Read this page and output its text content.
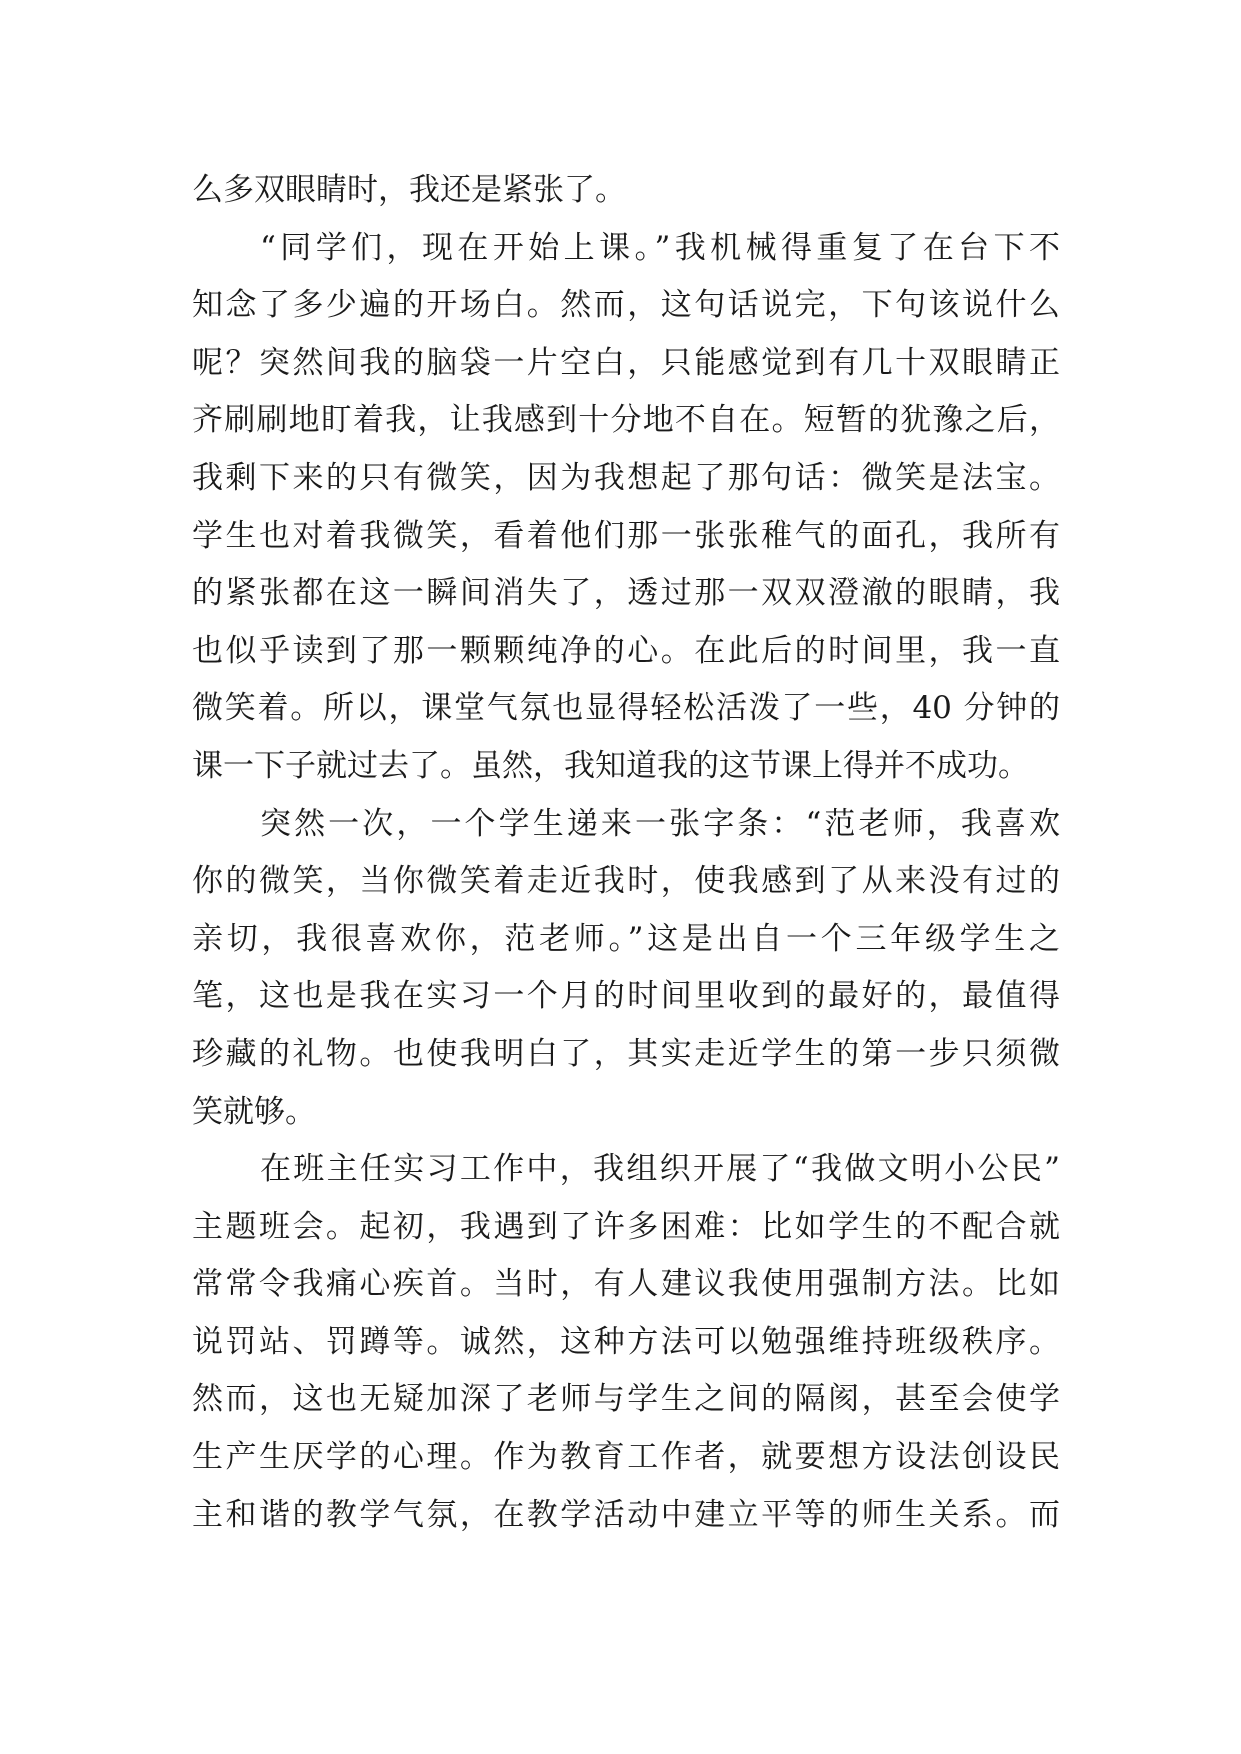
么多双眼睛时，我还是紧张了。
“同学们，现在开始上课。”我机械得重复了在台下不
知念了多少遍的开场白。然而，这句话说完，下句该说什么
呢？突然间我的脑袋一片空白，只能感觉到有几十双眼睛正
齐刷刷地盯着我，让我感到十分地不自在。短暂的犹豫之后，
我剩下来的只有微笑，因为我想起了那句话：微笑是法宝。
学生也对着我微笑，看着他们那一张张稚气的面孔，我所有
的紧张都在这一瞬间消失了，透过那一双双澄澈的眼睛，我
也似乎读到了那一颗颗纯净的心。在此后的时间里，我一直
微笑着。所以，课堂气氛也显得轻松活泼了一些，40 分钟的
课一下子就过去了。虽然，我知道我的这节课上得并不成功。
突然一次，一个学生递来一张字条：“范老师，我喜欢
你的微笑，当你微笑着走近我时，使我感到了从来没有过的
亲切，我很喜欢你，范老师。”这是出自一个三年级学生之
笔，这也是我在实习一个月的时间里收到的最好的，最值得
珍藏的礼物。也使我明白了，其实走近学生的第一步只须微
笑就够。
在班主任实习工作中，我组织开展了“我做文明小公民”
主题班会。起初，我遇到了许多困难：比如学生的不配合就
常常令我痛心疾首。当时，有人建议我使用强制方法。比如
说罚站、罚蹲等。诚然，这种方法可以勉强维持班级秩序。
然而，这也无疑加深了老师与学生之间的隔阂，甚至会使学
生产生厌学的心理。作为教育工作者，就要想方设法创设民
主和谐的教学气氛，在教学活动中建立平等的师生关系。而
